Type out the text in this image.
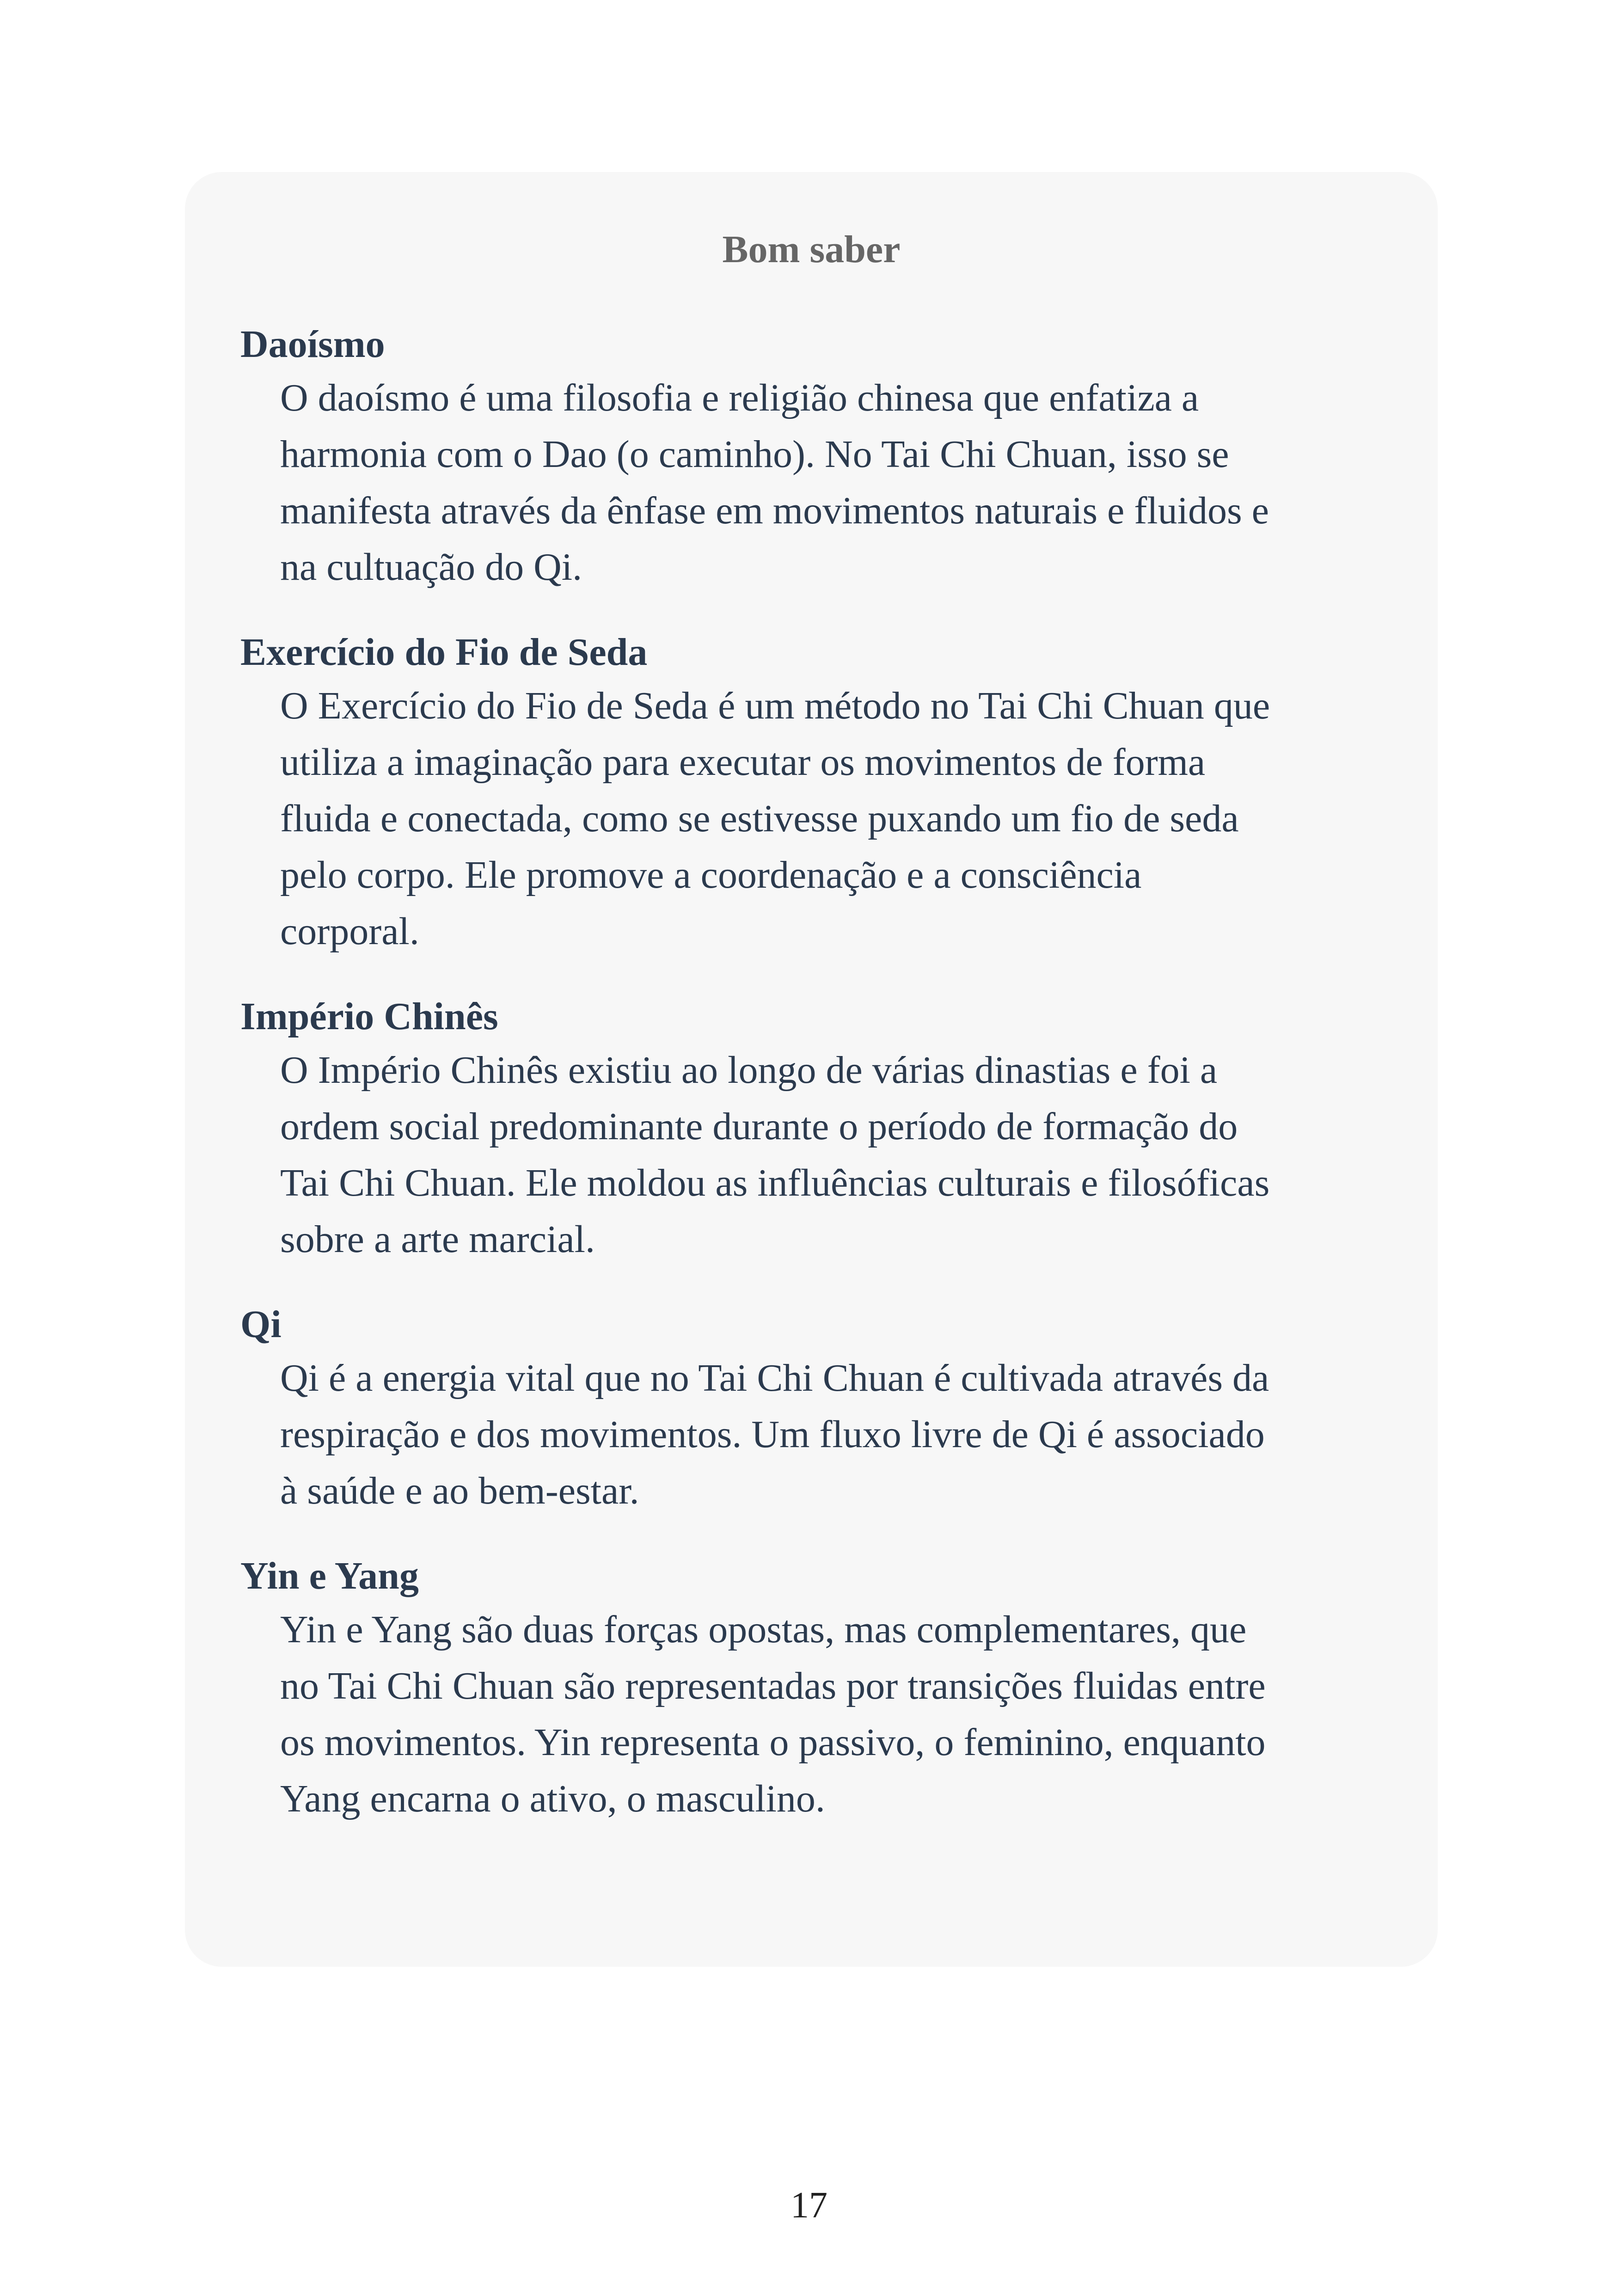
Bom saber
Daoísmo
O daoísmo é uma filosofia e religião chinesa que enfatiza a
harmonia com o Dao (o caminho). No Tai Chi Chuan, isso se
manifesta através da ênfase em movimentos naturais e fluidos e
na cultuação do Qi.
Exercício do Fio de Seda
O Exercício do Fio de Seda é um método no Tai Chi Chuan que
utiliza a imaginação para executar os movimentos de forma
fluida e conectada, como se estivesse puxando um fio de seda
pelo corpo. Ele promove a coordenação e a consciência
corporal.
Império Chinês
O Império Chinês existiu ao longo de várias dinastias e foi a
ordem social predominante durante o período de formação do
Tai Chi Chuan. Ele moldou as influências culturais e filosóficas
sobre a arte marcial.
Qi
Qi é a energia vital que no Tai Chi Chuan é cultivada através da
respiração e dos movimentos. Um fluxo livre de Qi é associado
à saúde e ao bem-estar.
Yin e Yang
Yin e Yang são duas forças opostas, mas complementares, que
no Tai Chi Chuan são representadas por transições fluidas entre
os movimentos. Yin representa o passivo, o feminino, enquanto
Yang encarna o ativo, o masculino.
17
